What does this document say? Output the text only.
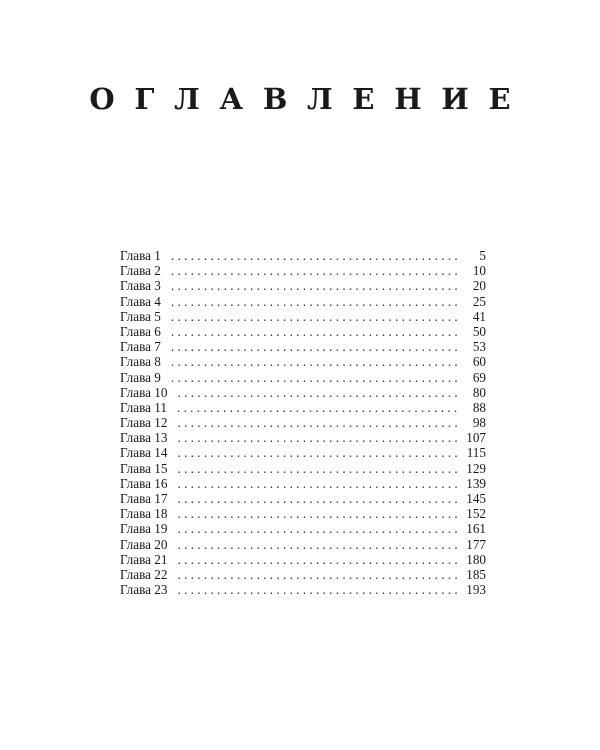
ОГЛАВЛЕНИЕ
Глава 1 . . .	5
Глава 2 . . .	10
Глава 3 . . .	20
Глава 4 . . .	25
Глава 5 . . .	41
Глава 6 . . .	50
Глава 7 . . .	53
Глава 8 . . .	60
Глава 9 . . .	69
Глава 10 . . .	80
Глава 11 . . .	88
Глава 12 . . .	98
Глава 13 . . .	107
Глава 14 . . .	115
Глава 15 . . .	129
Глава 16 . . .	139
Глава 17 . . .	145
Глава 18 . . .	152
Глава 19 . . .	161
Глава 20 . . .	177
Глава 21 . . .	180
Глава 22 . . .	185
Глава 23 . . .	193
